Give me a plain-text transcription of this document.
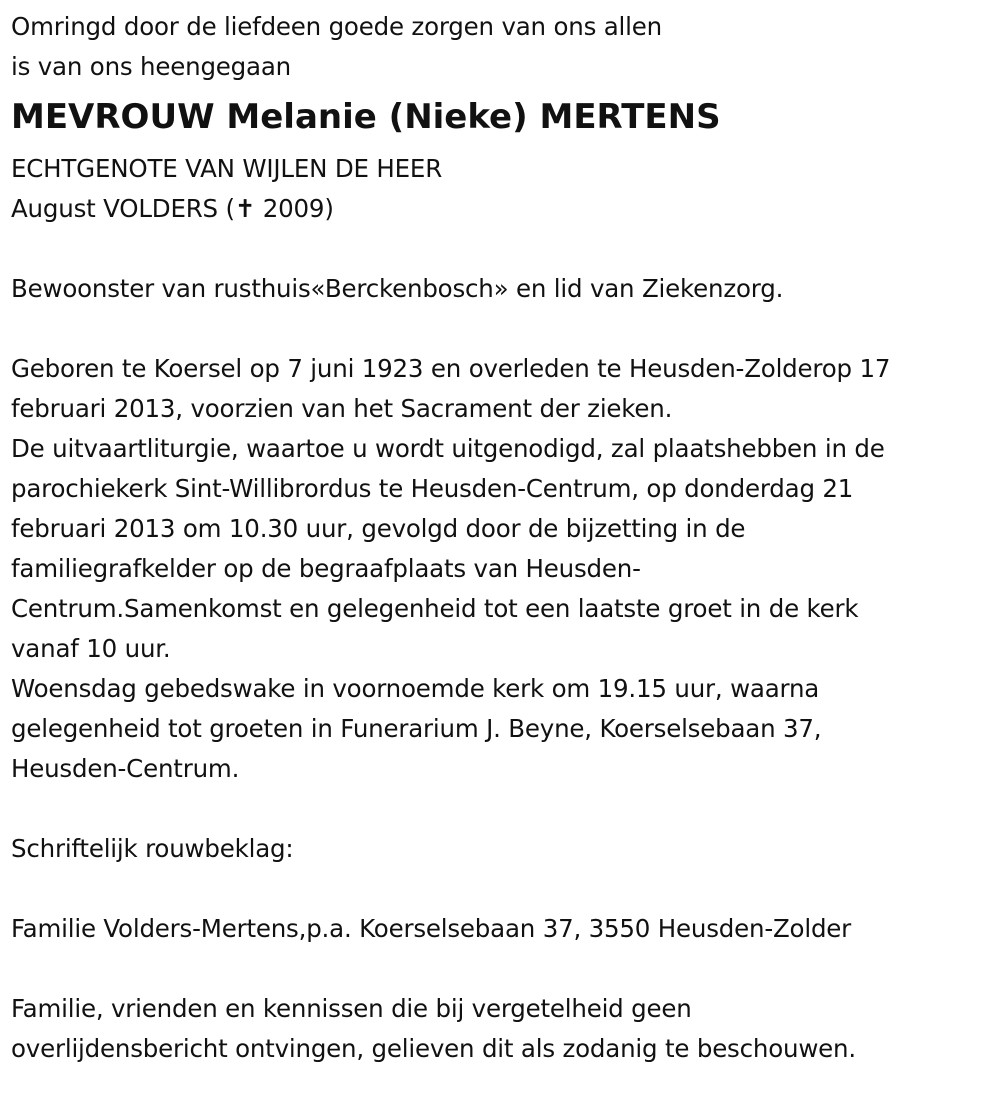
Omringd door de liefdeen goede zorgen van ons allen
is van ons heengegaan
MEVROUW Melanie (Nieke) MERTENS
ECHTGENOTE VAN WIJLEN DE HEER
August VOLDERS (✝ 2009)
Bewoonster van rusthuis«Berckenbosch» en lid van Ziekenzorg.
Geboren te Koersel op 7 juni 1923 en overleden te Heusden-Zolderop 17
februari 2013, voorzien van het Sacrament der zieken.
De uitvaartliturgie, waartoe u wordt uitgenodigd, zal plaatshebben in de
parochiekerk Sint-Willibrordus te Heusden-Centrum, op donderdag 21
februari 2013 om 10.30 uur, gevolgd door de bijzetting in de
familiegrafkelder op de begraafplaats van Heusden-
Centrum.Samenkomst en gelegenheid tot een laatste groet in de kerk
vanaf 10 uur.
Woensdag gebedswake in voornoemde kerk om 19.15 uur, waarna
gelegenheid tot groeten in Funerarium J. Beyne, Koerselsebaan 37,
Heusden-Centrum.
Schriftelijk rouwbeklag:
Familie Volders-Mertens,p.a. Koerselsebaan 37, 3550 Heusden-Zolder
Familie, vrienden en kennissen die bij vergetelheid geen
overlijdensbericht ontvingen, gelieven dit als zodanig te beschouwen.
